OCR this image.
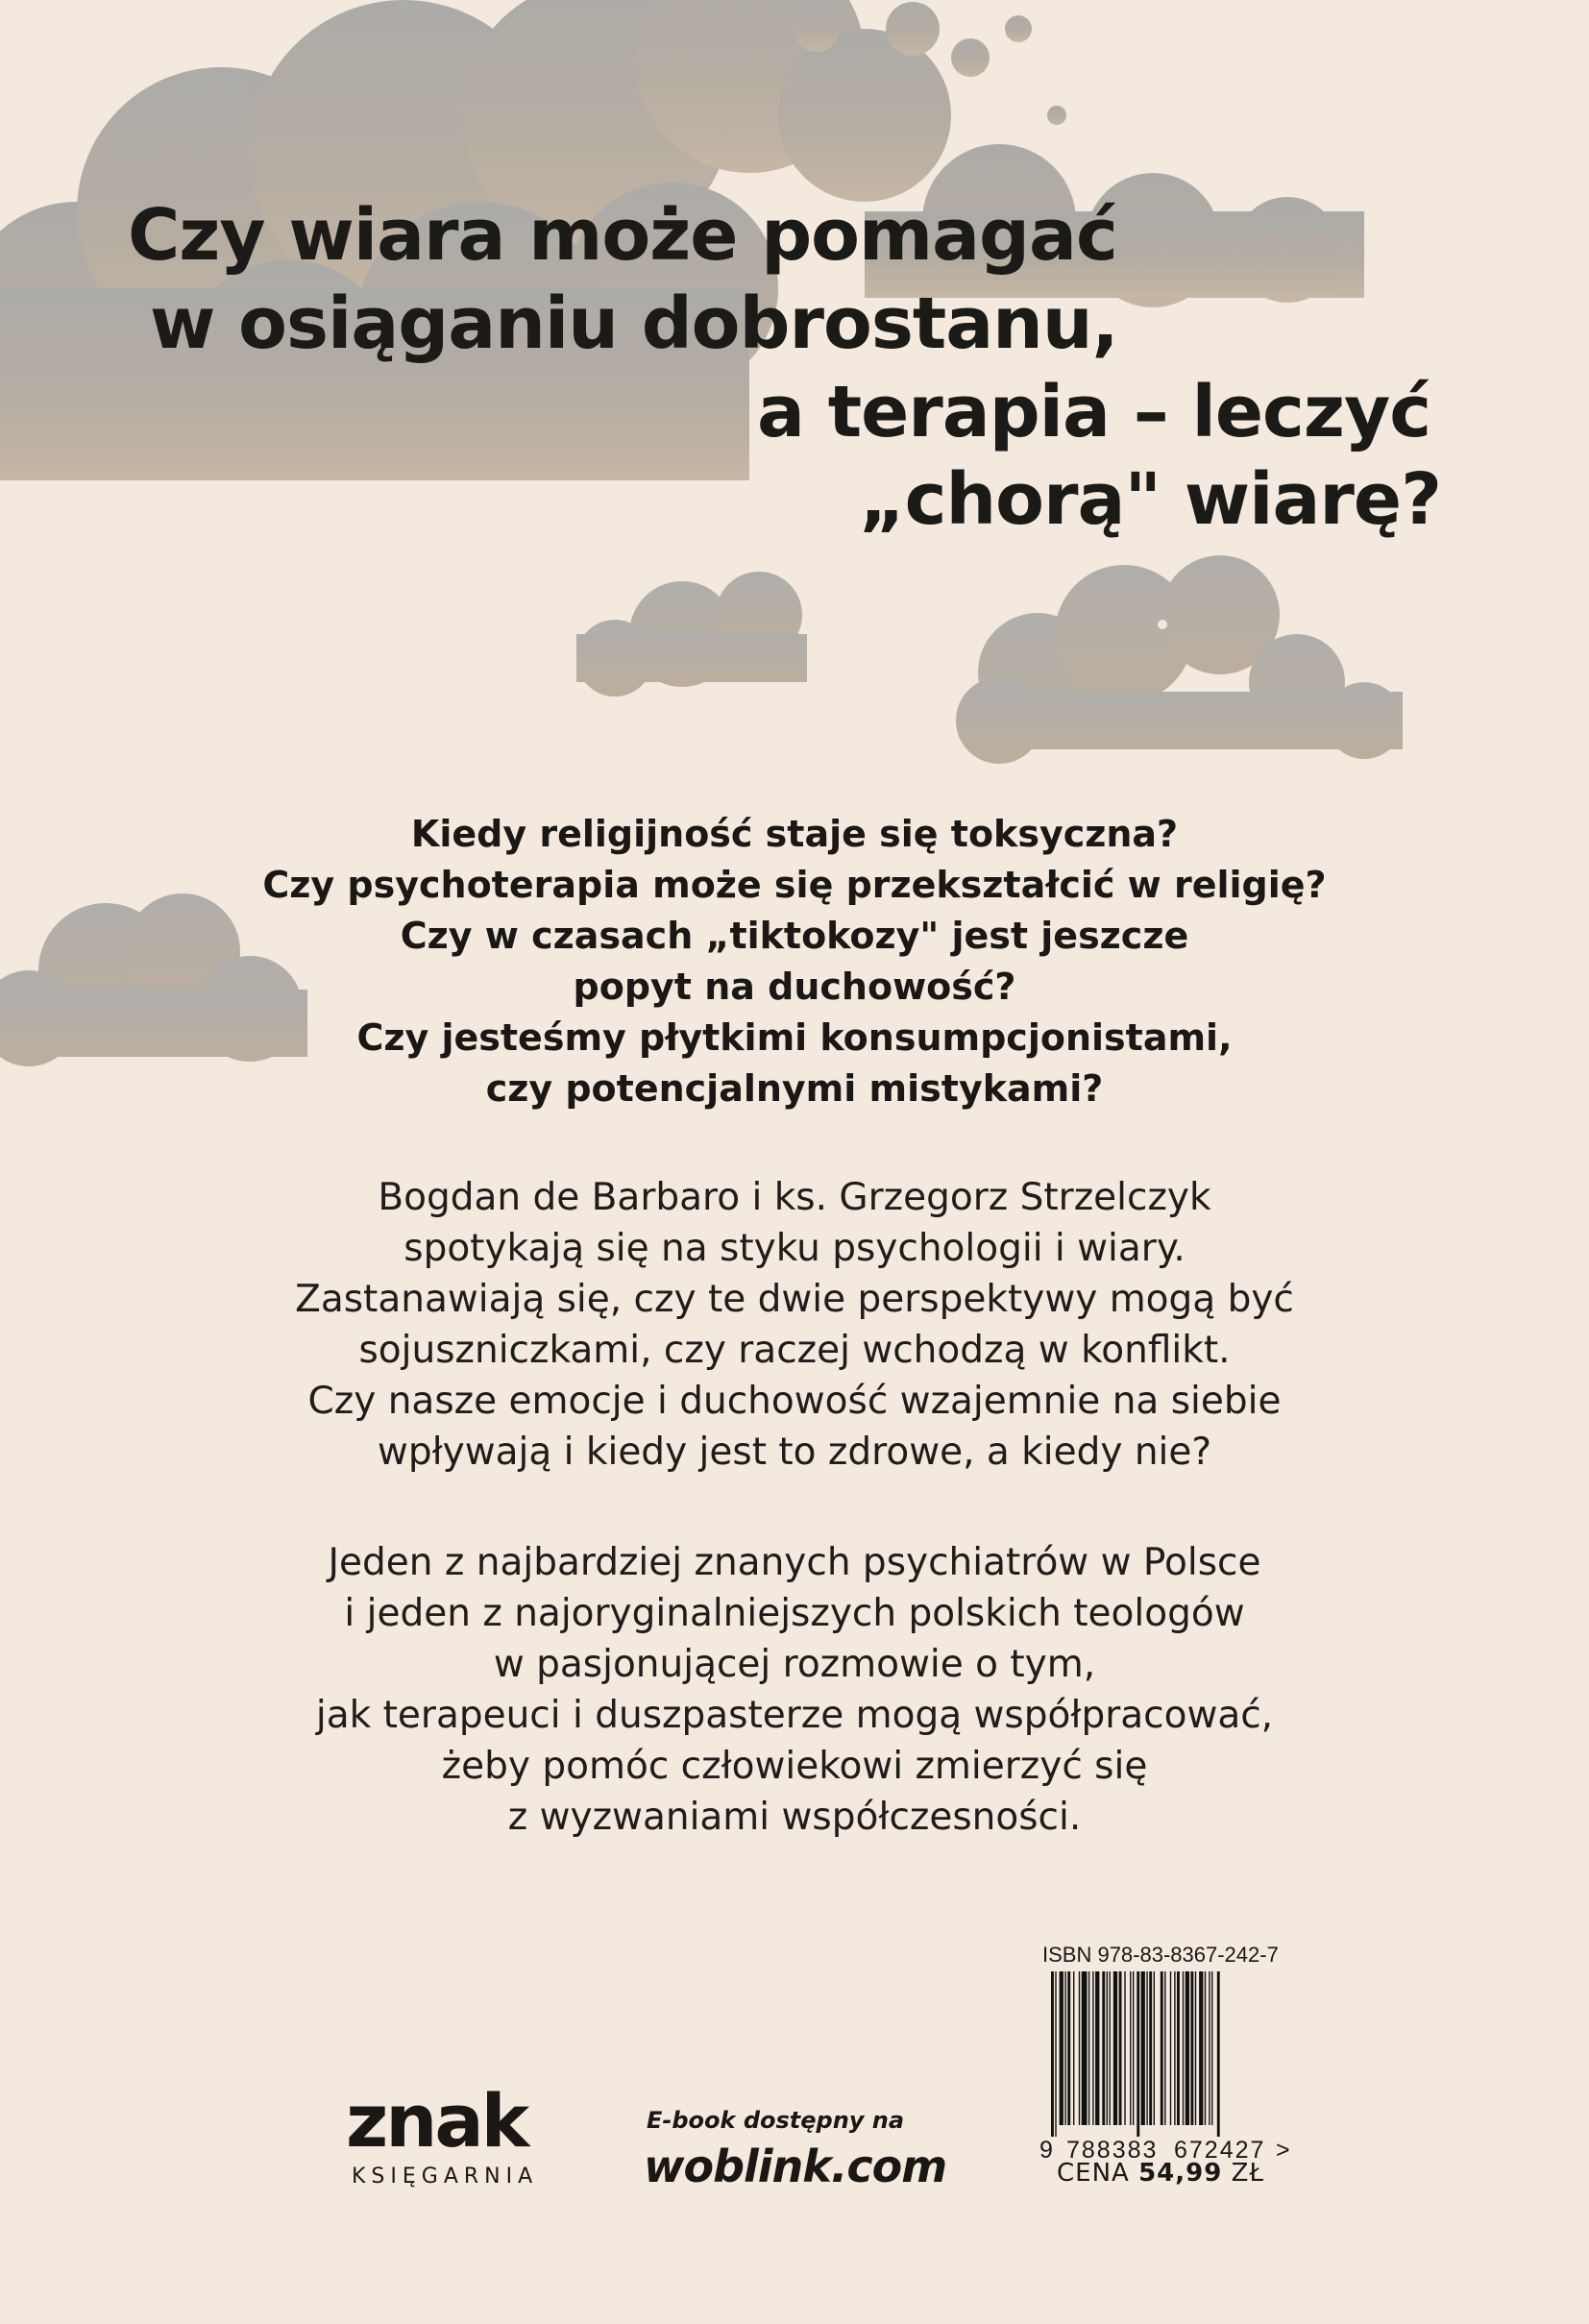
Czy wiara może pomagać
w osiąganiu dobrostanu,
a terapia – leczyć
„chorą" wiarę?
Kiedy religijność staje się toksyczna?
Czy psychoterapia może się przekształcić w religię?
Czy w czasach „tiktokozy" jest jeszcze
popyt na duchowość?
Czy jesteśmy płytkimi konsumpcjonistami,
czy potencjalnymi mistykami?
Bogdan de Barbaro i ks. Grzegorz Strzelczyk
spotykają się na styku psychologii i wiary.
Zastanawiają się, czy te dwie perspektywy mogą być
sojuszniczkami, czy raczej wchodzą w konflikt.
Czy nasze emocje i duchowość wzajemnie na siebie
wpływają i kiedy jest to zdrowe, a kiedy nie?
Jeden z najbardziej znanych psychiatrów w Polsce
i jeden z najoryginalniejszych polskich teologów
w pasjonującej rozmowie o tym,
jak terapeuci i duszpasterze mogą współpracować,
żeby pomóc człowiekowi zmierzyć się
z wyzwaniami współczesności.
znak
KSIĘGARNIA
E-book dostępny na
woblink.com
ISBN 978-83-8367-242-7
9 788383 672427 >
CENA 54,99 ZŁ
